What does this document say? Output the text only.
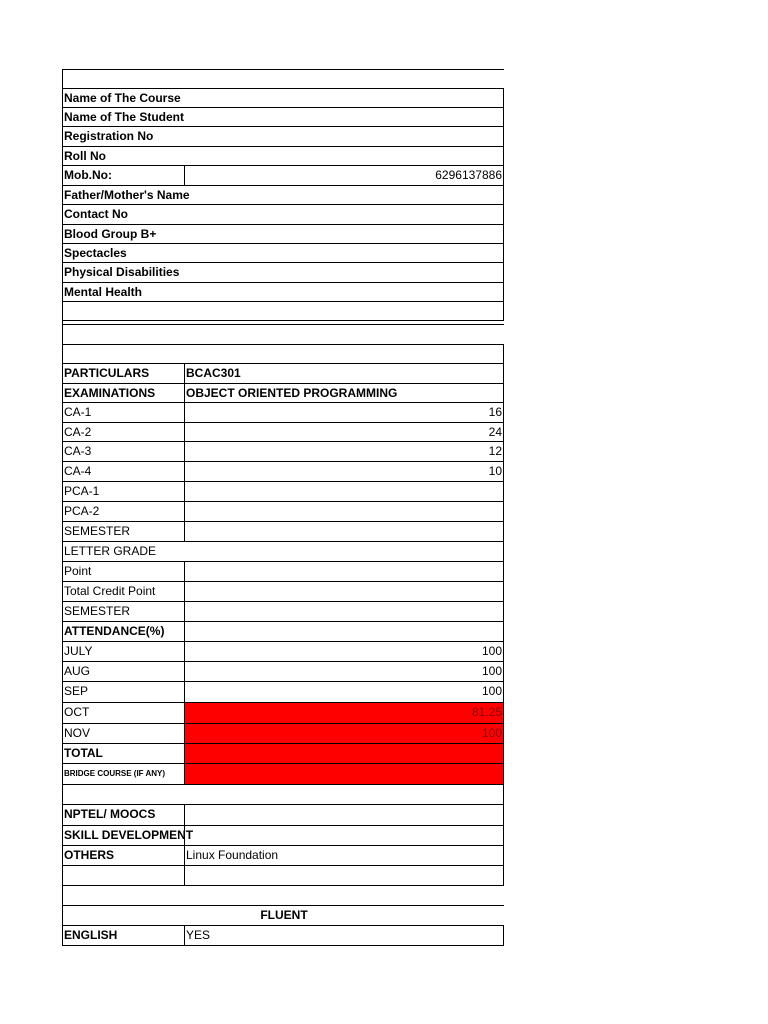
Name of The Course
Name of The Student
Registration No
Roll No
Mob.No:	6296137886
Father/Mother's Name
Contact No
Blood Group B+
Spectacles
Physical Disabilities
Mental Health
PARTICULARS	BCAC301
EXAMINATIONS	OBJECT ORIENTED PROGRAMMING
CA-1	16
CA-2	24
CA-3	12
CA-4	10
PCA-1
PCA-2
SEMESTER
LETTER GRADE
Point
Total Credit Point
SEMESTER
ATTENDANCE(%)
JULY	100
AUG	100
SEP	100
OCT	81.25
NOV	100
TOTAL
BRIDGE COURSE (IF ANY)
NPTEL/ MOOCS
SKILL DEVELOPMENT
OTHERS	Linux Foundation
FLUENT
ENGLISH	YES
